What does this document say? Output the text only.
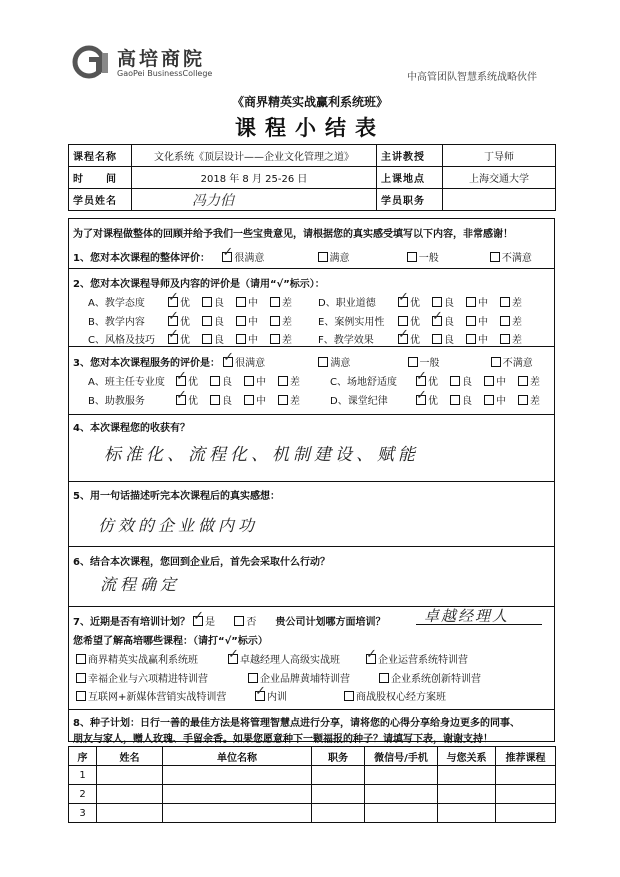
高培商院
GaoPei BusinessCollege	中高管团队智慧系统战略伙伴
《商界精英实战赢利系统班》
课程小结表
课程名称	文化系统《顶层设计——企业文化管理之道》	主讲教授	丁导师
时　　间	2018 年 8 月 25-26 日	上课地点	上海交通大学
学员姓名	冯力伯	学员职务	
为了对课程做整体的回顾并给予我们一些宝贵意见，请根据您的真实感受填写以下内容，非常感谢！
1、您对本次课程的整体评价： ✓ 很满意	满意	一般	不满意
2、您对本次课程导师及内容的评价是（请用“√”标示）：
A、教学态度 ✓	优 良 中 差
B、教学内容 ✓	优 良 中 差
C、风格及技巧 ✓	优 良 中 差
D、职业道德 ✓	优 良 中 差
E、案例实用性	优 ✓ 良 中 差
F、教学效果 ✓	优 良 中 差
3、您对本次课程服务的评价是： ✓ 很满意	满意	一般	不满意
A、班主任专业度 ✓ 优 良 中 差
B、助教服务 ✓	优 良 中 差
C、场地舒适度 ✓	优 良 中 差
D、课堂纪律 ✓	优 良 中 差
4、本次课程您的收获有？
标准化、流程化、机制建设、赋能
5、用一句话描述听完本次课程后的真实感想：
仿效的企业做内功
6、结合本次课程，您回到企业后，首先会采取什么行动？
流程确定
7、近期是否有培训计划？ ✓ 是	否 贵公司计划哪方面培训？	卓越经理人
您希望了解高培哪些课程：（请打“√”标示）
商界精英实战赢利系统班 ✓	卓越经理人高级实战班 ✓	企业运营系统特训营
幸福企业与六项精进特训营	企业品牌黄埔特训营	企业系统创新特训营
互联网+新媒体营销实战特训营 ✓	内训	商战股权心经方案班
8、种子计划：日行一善的最佳方法是将管理智慧点进行分享，请将您的心得分享给身边更多的同事、
朋友与家人，赠人玫瑰、手留余香。如果您愿意种下一颗福报的种子？请填写下表，谢谢支持！
序	姓名	单位名称	职务	微信号/手机	与您关系	推荐课程
1						
2						
3						
